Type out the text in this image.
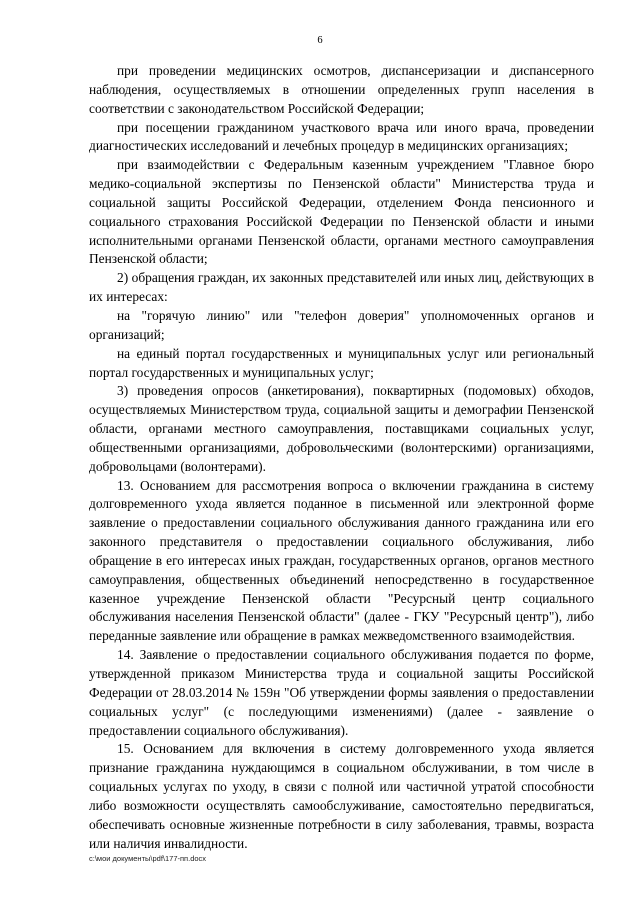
6

при проведении медицинских осмотров, диспансеризации и диспансерного наблюдения, осуществляемых в отношении определенных групп населения в соответствии с законодательством Российской Федерации;

при посещении гражданином участкового врача или иного врача, проведении диагностических исследований и лечебных процедур в медицинских организациях;

при взаимодействии с Федеральным казенным учреждением "Главное бюро медико-социальной экспертизы по Пензенской области" Министерства труда и социальной защиты Российской Федерации, отделением Фонда пенсионного и социального страхования Российской Федерации по Пензенской области и иными исполнительными органами Пензенской области, органами местного самоуправления Пензенской области;

2) обращения граждан, их законных представителей или иных лиц, действующих в их интересах:

на "горячую линию" или "телефон доверия" уполномоченных органов и организаций;

на единый портал государственных и муниципальных услуг или региональный портал государственных и муниципальных услуг;

3) проведения опросов (анкетирования), поквартирных (подомовых) обходов, осуществляемых Министерством труда, социальной защиты и демографии Пензенской области, органами местного самоуправления, поставщиками социальных услуг, общественными организациями, добровольческими (волонтерскими) организациями, добровольцами (волонтерами).

13. Основанием для рассмотрения вопроса о включении гражданина в систему долговременного ухода является поданное в письменной или электронной форме заявление о предоставлении социального обслуживания данного гражданина или его законного представителя о предоставлении социального обслуживания, либо обращение в его интересах иных граждан, государственных органов, органов местного самоуправления, общественных объединений непосредственно в государственное казенное учреждение Пензенской области "Ресурсный центр социального обслуживания населения Пензенской области" (далее - ГКУ "Ресурсный центр"), либо переданные заявление или обращение в рамках межведомственного взаимодействия.

14. Заявление о предоставлении социального обслуживания подается по форме, утвержденной приказом Министерства труда и социальной защиты Российской Федерации от 28.03.2014 № 159н "Об утверждении формы заявления о предоставлении социальных услуг" (с последующими изменениями) (далее - заявление о предоставлении социального обслуживания).

15. Основанием для включения в систему долговременного ухода является признание гражданина нуждающимся в социальном обслуживании, в том числе в социальных услугах по уходу, в связи с полной или частичной утратой способности либо возможности осуществлять самообслуживание, самостоятельно передвигаться, обеспечивать основные жизненные потребности в силу заболевания, травмы, возраста или наличия инвалидности.

c:\мои документы\pdf\177-пп.docx
